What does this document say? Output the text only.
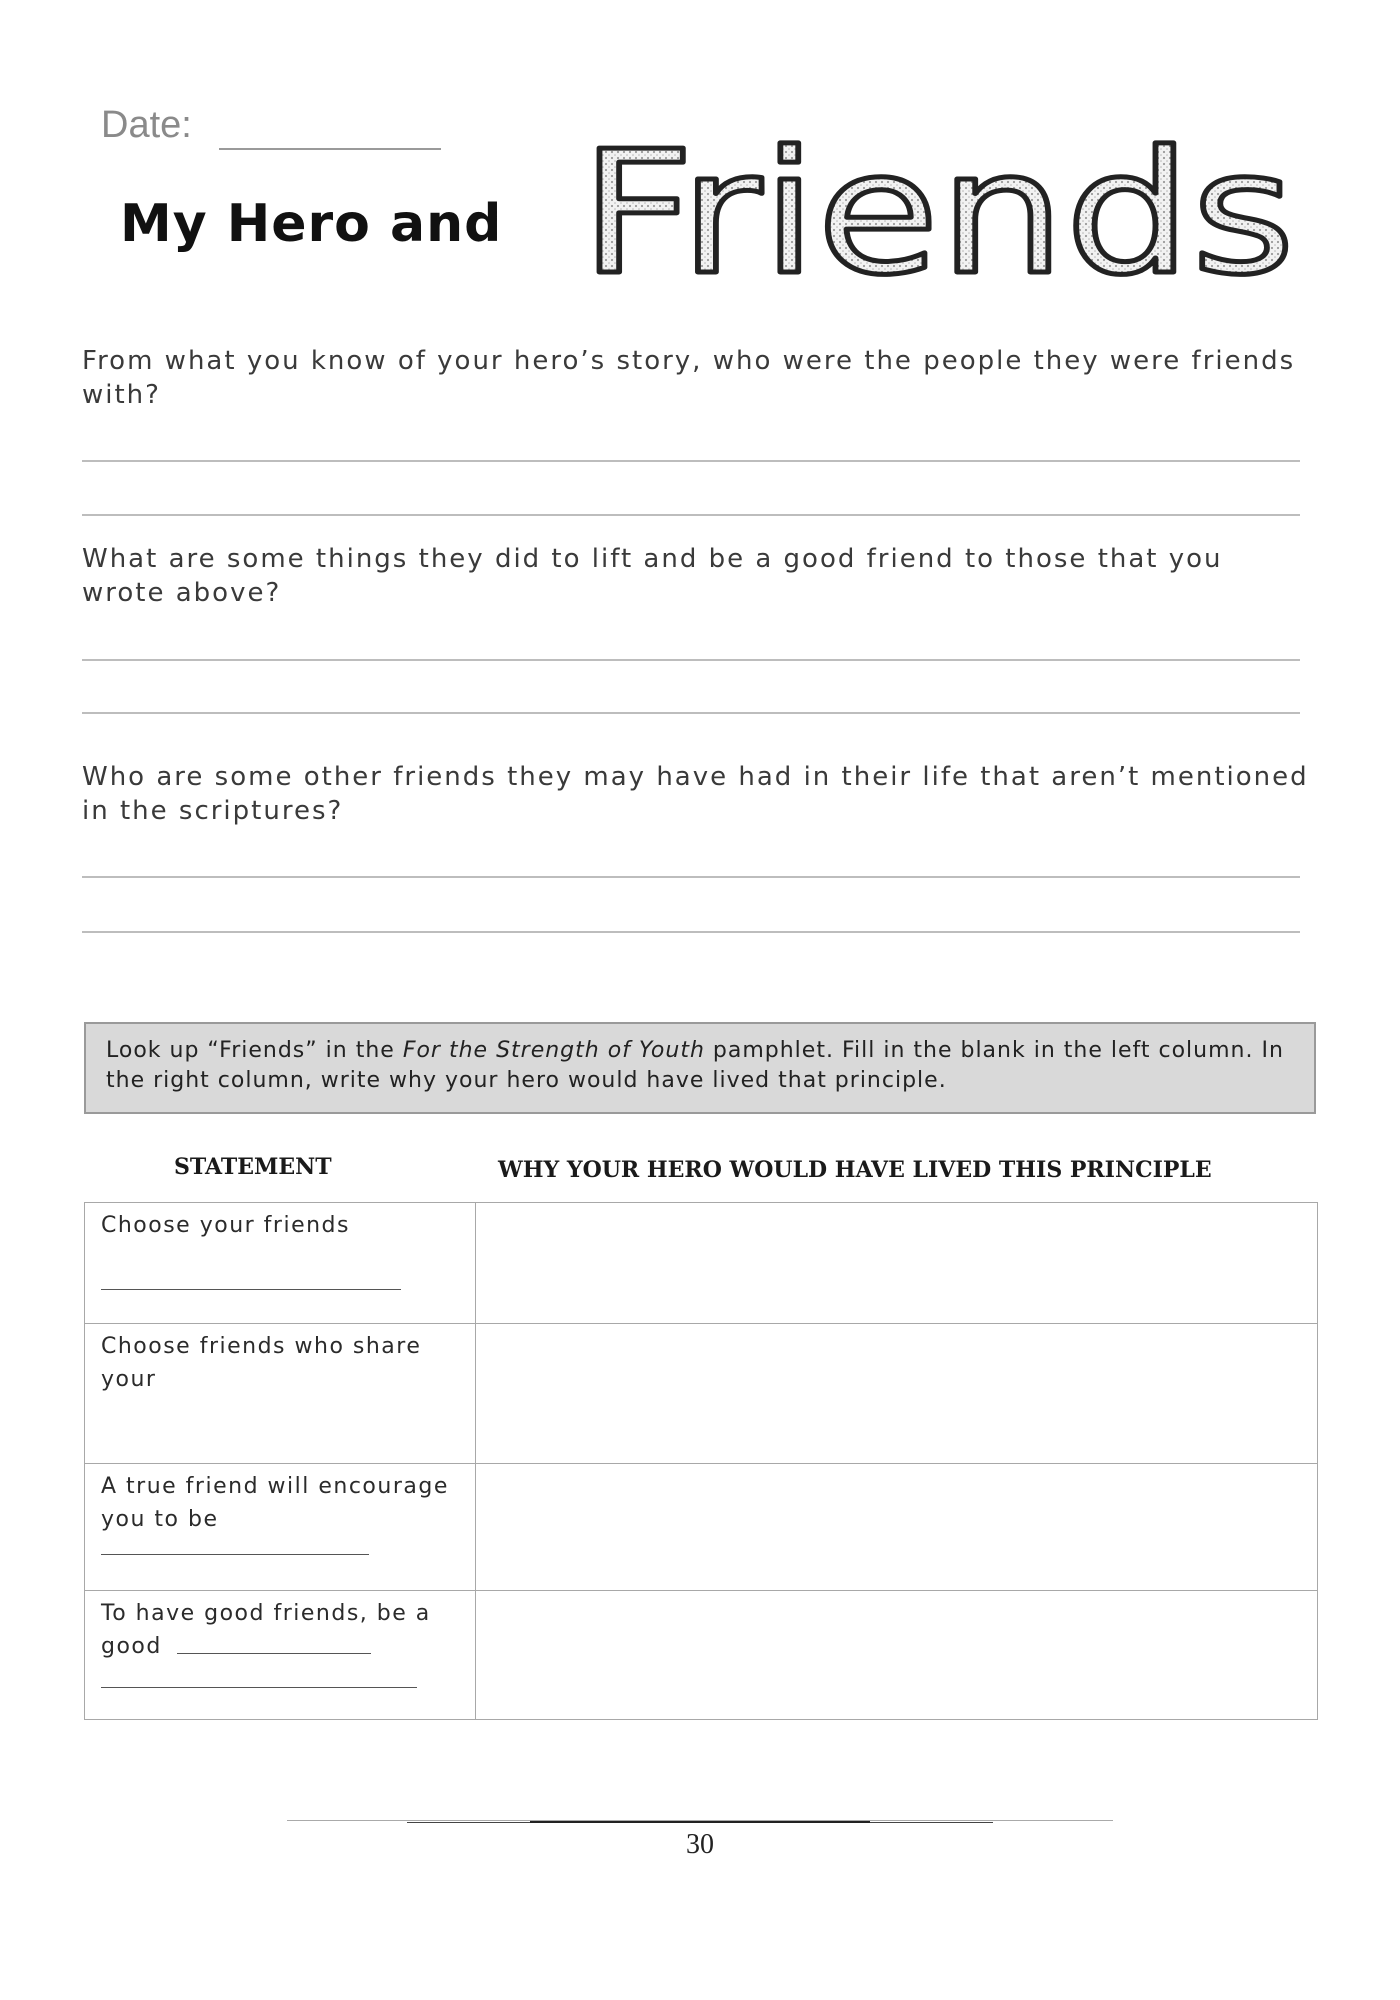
Date:
My Hero and Friends
From what you know of your hero’s story, who were the people they were friends with?
What are some things they did to lift and be a good friend to those that you wrote above?
Who are some other friends they may have had in their life that aren’t mentioned in the scriptures?
Look up “Friends” in the For the Strength of Youth pamphlet. Fill in the blank in the left column. In the right column, write why your hero would have lived that principle.
STATEMENT	WHY YOUR HERO WOULD HAVE LIVED THIS PRINCIPLE
Choose your friends
Choose friends who share your
A true friend will encourage you to be
To have good friends, be a good
30
